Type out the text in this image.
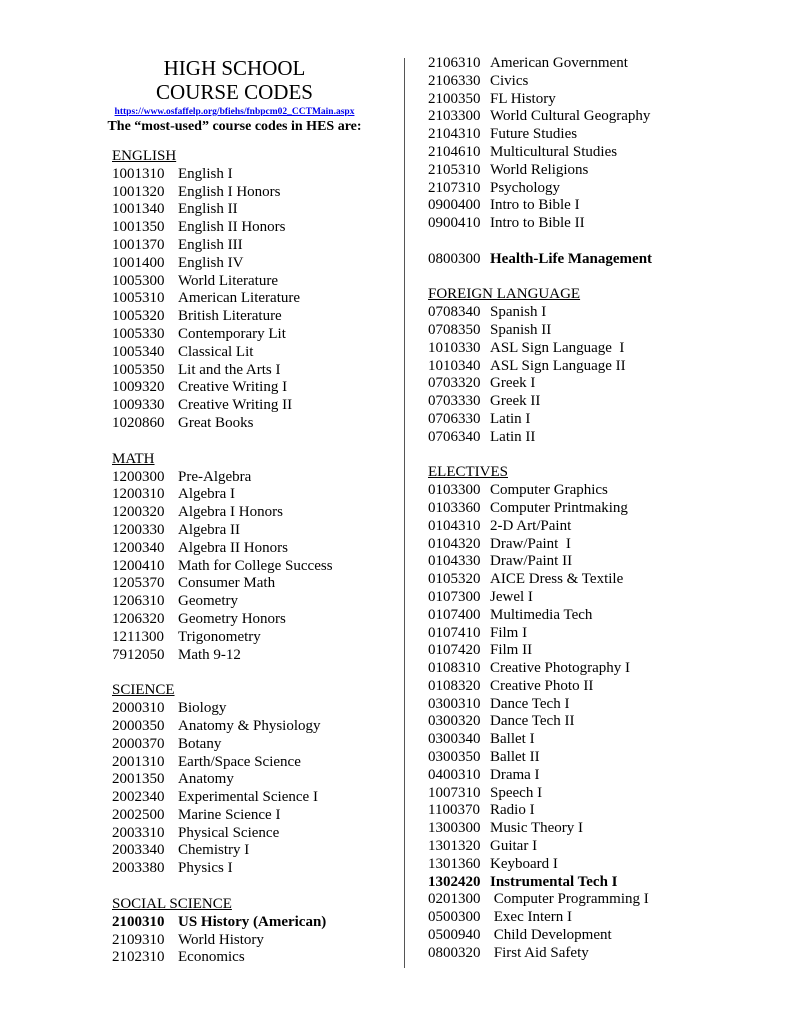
HIGH SCHOOL
COURSE CODES
https://www.osfaffelp.org/bfiehs/fnbpcm02_CCTMain.aspx
The “most-used” course codes in HES are:
ENGLISH
1001310 English I
1001320 English I Honors
1001340 English II
1001350 English II Honors
1001370 English III
1001400 English IV
1005300 World Literature
1005310 American Literature
1005320 British Literature
1005330 Contemporary Lit
1005340 Classical Lit
1005350 Lit and the Arts I
1009320 Creative Writing I
1009330 Creative Writing II
1020860 Great Books
MATH
1200300 Pre-Algebra
1200310 Algebra I
1200320 Algebra I Honors
1200330 Algebra II
1200340 Algebra II Honors
1200410 Math for College Success
1205370 Consumer Math
1206310 Geometry
1206320 Geometry Honors
1211300 Trigonometry
7912050 Math 9-12
SCIENCE
2000310 Biology
2000350 Anatomy & Physiology
2000370 Botany
2001310 Earth/Space Science
2001350 Anatomy
2002340 Experimental Science I
2002500 Marine Science I
2003310 Physical Science
2003340 Chemistry I
2003380 Physics I
SOCIAL SCIENCE
2100310 US History (American)
2109310 World History
2102310 Economics
2106310 American Government
2106330 Civics
2100350 FL History
2103300 World Cultural Geography
2104310 Future Studies
2104610 Multicultural Studies
2105310 World Religions
2107310 Psychology
0900400 Intro to Bible I
0900410 Intro to Bible II
0800300 Health-Life Management
FOREIGN LANGUAGE
0708340 Spanish I
0708350 Spanish II
1010330 ASL Sign Language  I
1010340 ASL Sign Language II
0703320 Greek I
0703330 Greek II
0706330 Latin I
0706340 Latin II
ELECTIVES
0103300 Computer Graphics
0103360 Computer Printmaking
0104310 2-D Art/Paint
0104320 Draw/Paint  I
0104330 Draw/Paint II
0105320 AICE Dress & Textile
0107300 Jewel I
0107400 Multimedia Tech
0107410 Film I
0107420 Film II
0108310 Creative Photography I
0108320 Creative Photo II
0300310 Dance Tech I
0300320 Dance Tech II
0300340 Ballet I
0300350 Ballet II
0400310 Drama I
1007310 Speech I
1100370 Radio I
1300300 Music Theory I
1301320 Guitar I
1301360 Keyboard I
1302420 Instrumental Tech I
0201300 Computer Programming I
0500300 Exec Intern I
0500940 Child Development
0800320 First Aid Safety
